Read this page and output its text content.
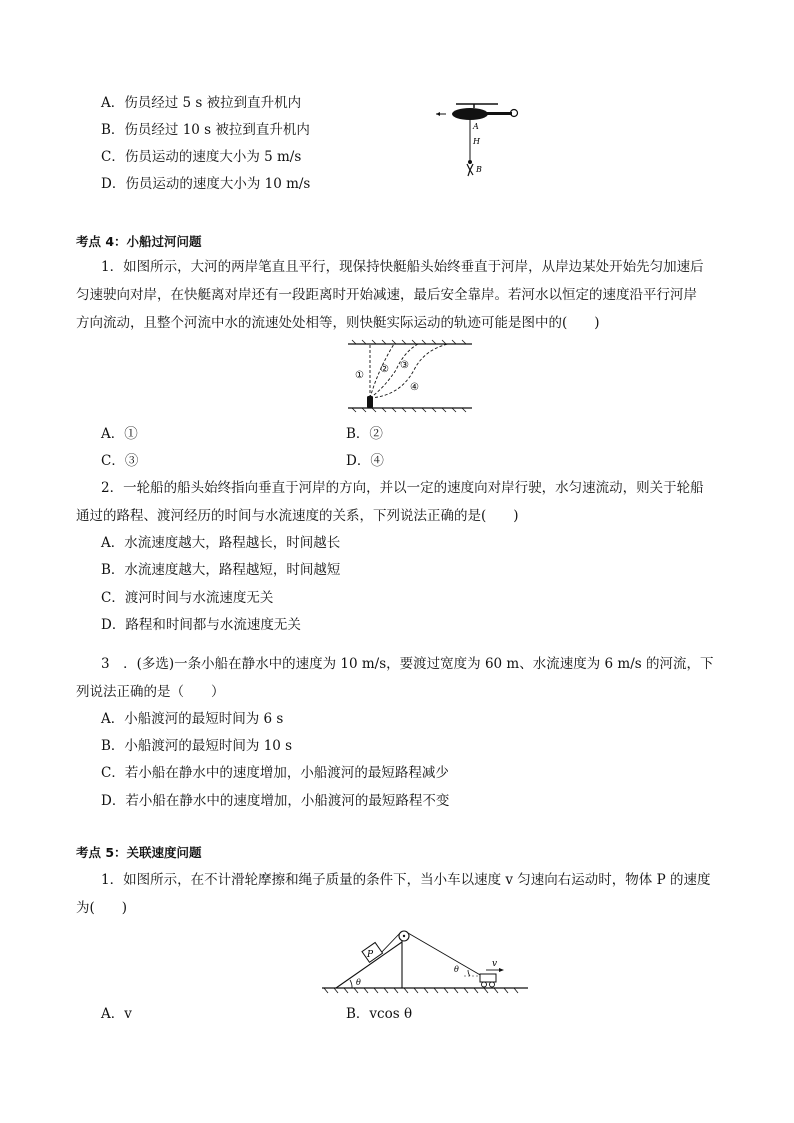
A．伤员经过 5 s 被拉到直升机内
B．伤员经过 10 s 被拉到直升机内
C．伤员运动的速度大小为 5 m/s
D．伤员运动的速度大小为 10 m/s
A
H
B
考点 4：小船过河问题
1．如图所示，大河的两岸笔直且平行，现保持快艇船头始终垂直于河岸，从岸边某处开始先匀加速后
匀速驶向对岸，在快艇离对岸还有一段距离时开始减速，最后安全靠岸。若河水以恒定的速度沿平行河岸
方向流动，且整个河流中水的流速处处相等，则快艇实际运动的轨迹可能是图中的(　　)
①
② ③
④
A．①	B．②
C．③	D．④
2．一轮船的船头始终指向垂直于河岸的方向，并以一定的速度向对岸行驶，水匀速流动，则关于轮船
通过的路程、渡河经历的时间与水流速度的关系，下列说法正确的是(　　)
A．水流速度越大，路程越长，时间越长
B．水流速度越大，路程越短，时间越短
C．渡河时间与水流速度无关
D．路程和时间都与水流速度无关
3　．(多选)一条小船在静水中的速度为 10 m/s，要渡过宽度为 60 m、水流速度为 6 m/s 的河流，下
列说法正确的是（　　）
A．小船渡河的最短时间为 6 s
B．小船渡河的最短时间为 10 s
C．若小船在静水中的速度增加，小船渡河的最短路程减少
D．若小船在静水中的速度增加，小船渡河的最短路程不变
考点 5：关联速度问题
1．如图所示，在不计滑轮摩擦和绳子质量的条件下，当小车以速度 v 匀速向右运动时，物体 P 的速度
为(　　)
P
θ
θ
v
A．v	B．vcos θ
